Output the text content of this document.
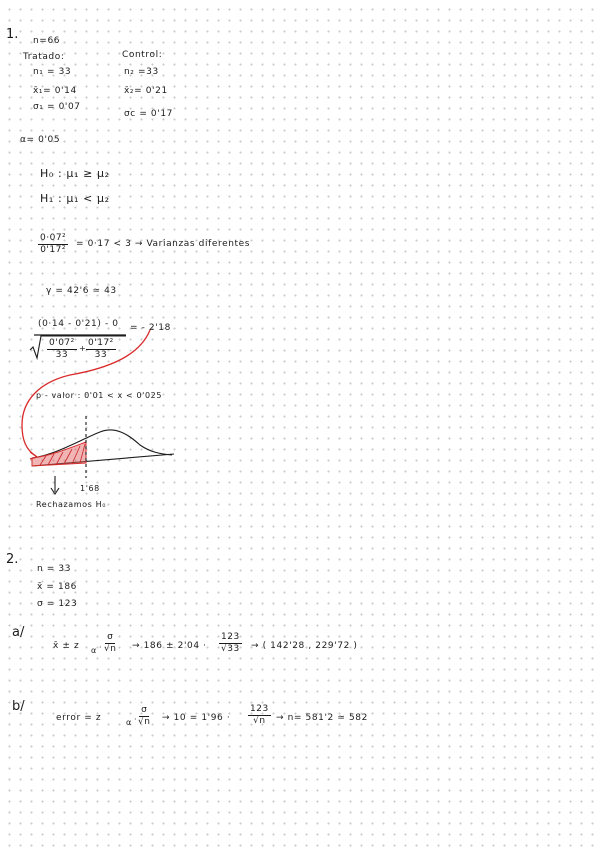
1. n=66
Tratado:	Control:
n₁ = 33	n₂ =33
x̄₁= 0'14	x̄₂= 0'21
σ₁ = 0'07
σc = 0'17
α= 0'05
H₀ : μ₁ ≥ μ₂
H₁ : μ₁ < μ₂
$\frac{\text{0·07²}}{\text{0'17²}} = 0\cdot 17 < 3$ → Varianzas diferentes
γ = 42'6 ≃ 43
(0·14 - 0'21) - 0
$\frac{\text{0'07²}}{33} + \frac{\text{0'17²}}{33}$
= - 2'18
p - valor : 0'01 < x < 0'025
1'68
Rechazamos H₀
2.
n = 33
x̄ = 186
σ = 123
a/
x̄ ± z $\alpha \cdot \frac{\sigma}{√n} \to 186 \pm 2'04 \cdot \frac{123}{√33}$ → ( 142'28 , 229'72 )
b/
error = z	$\alpha \cdot \frac{\sigma}{√n} \to 10 = 1'96 \cdot \frac{123}{√n} \to n= 581'2$ ≃ 582
